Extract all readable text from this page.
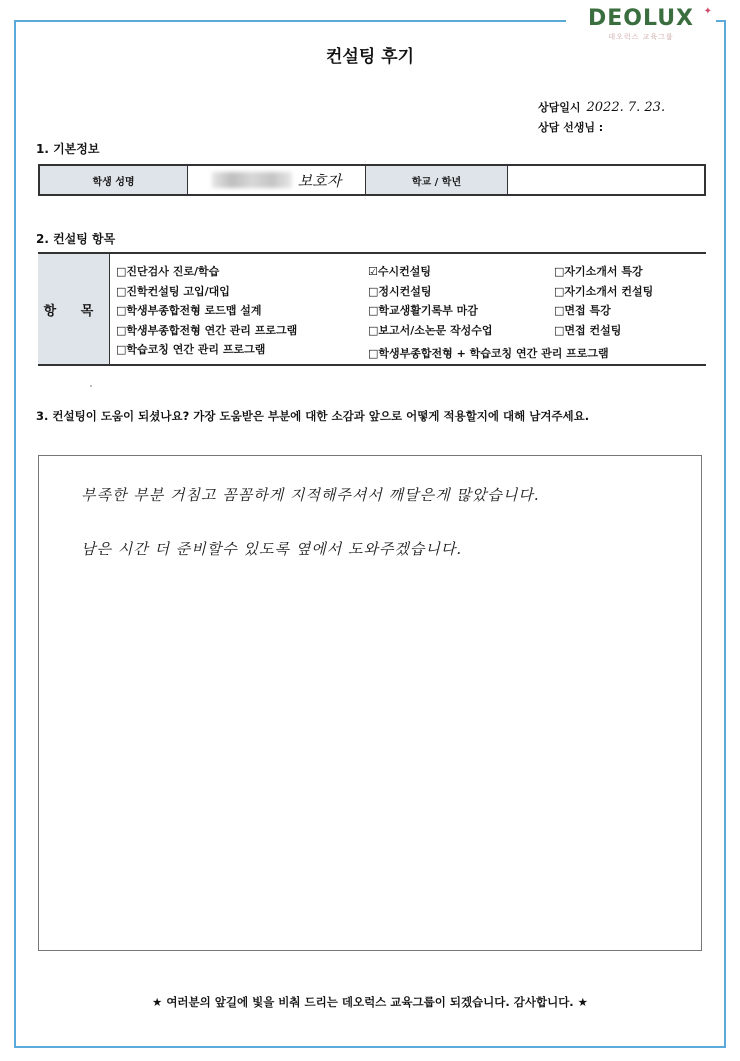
✦
DEOLUX
데오럭스 교육그룹
컨설팅 후기
상담일시 2022. 7. 23.
상담 선생님 :
1. 기본정보
학생 성명	보호자	학교 / 학년
2. 컨설팅 항목
항 목
□진단검사 진로/학습
□진학컨설팅 고입/대입
□학생부종합전형 로드맵 설계
□학생부종합전형 연간 관리 프로그램
□학습코칭 연간 관리 프로그램
☑수시컨설팅
□정시컨설팅
□학교생활기록부 마감
□보고서/소논문 작성수업
□자기소개서 특강
□자기소개서 컨설팅
□면접 특강
□면접 컨설팅
□학생부종합전형 + 학습코칭 연간 관리 프로그램
3. 컨설팅이 도움이 되셨나요? 가장 도움받은 부분에 대한 소감과 앞으로 어떻게 적용할지에 대해 남겨주세요.
부족한 부분 거침고 꼼꼼하게 지적해주셔서 깨달은게 많았습니다.
남은 시간 더 준비할수 있도록 옆에서 도와주겠습니다.
★ 여러분의 앞길에 빛을 비춰 드리는 데오럭스 교육그룹이 되겠습니다. 감사합니다. ★
